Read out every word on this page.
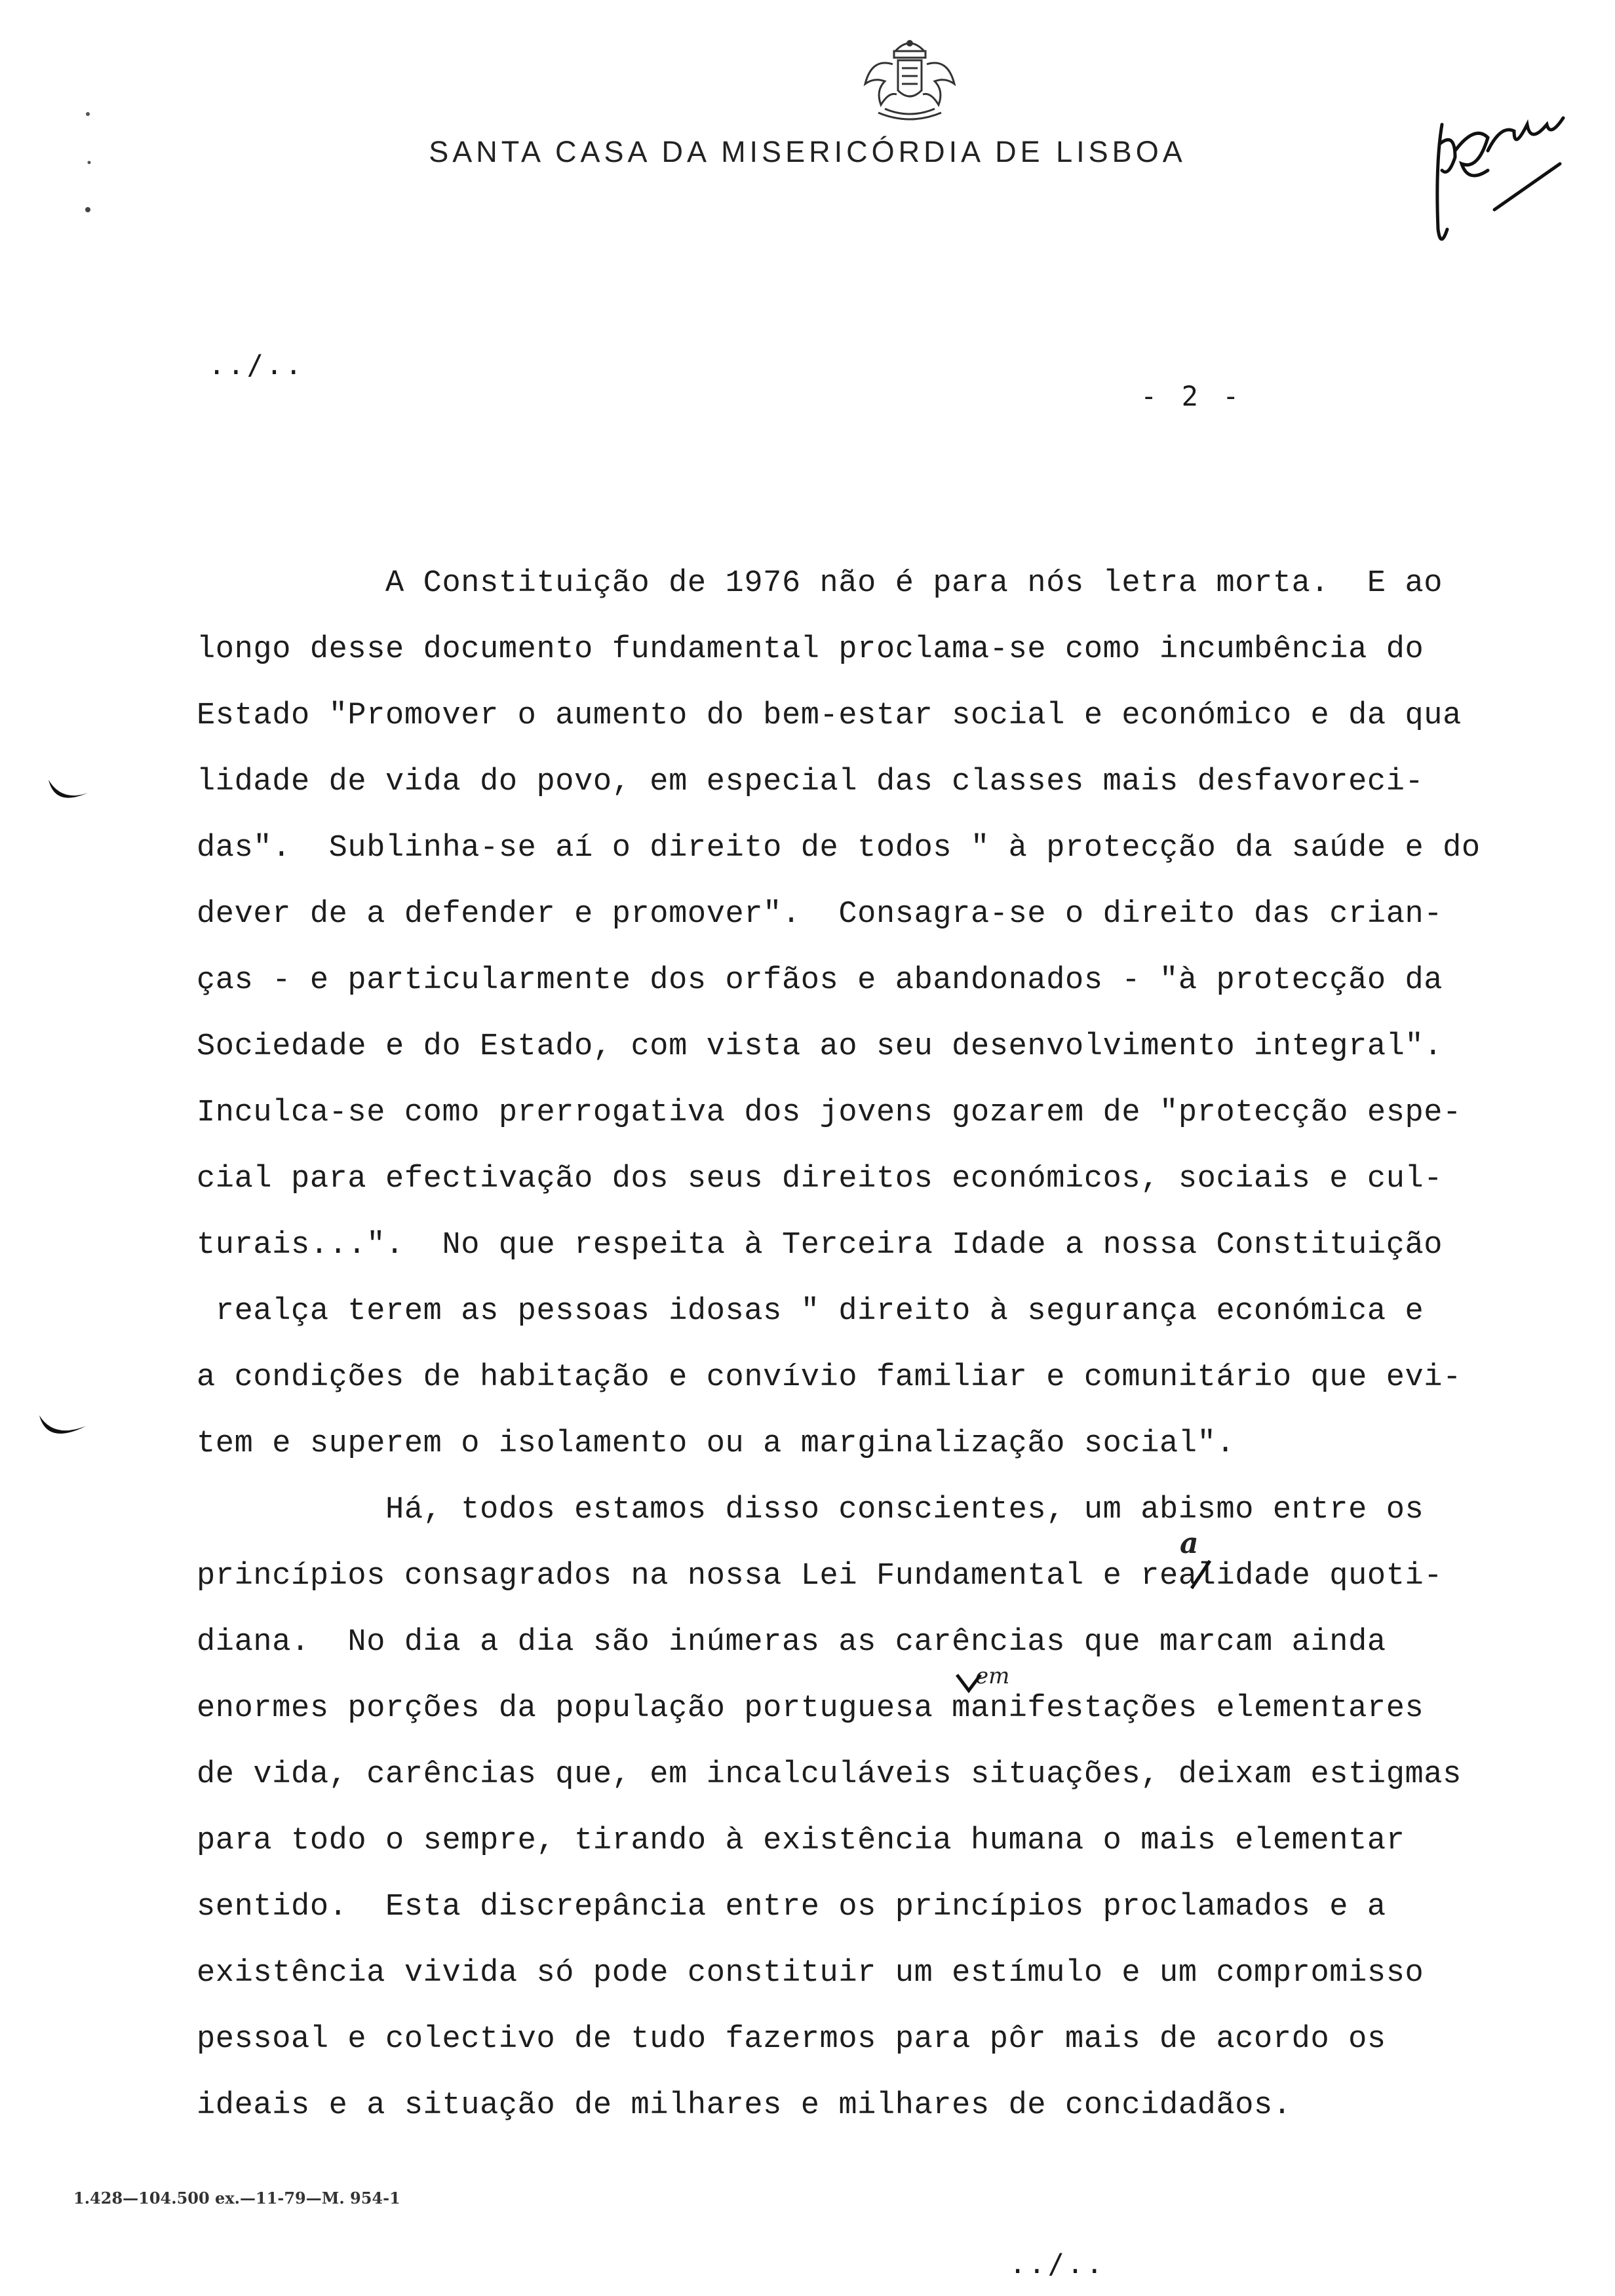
SANTA CASA DA MISERICÓRDIA DE LISBOA
../..
- 2 -
A Constituição de 1976 não é para nós letra morta.  E ao
longo desse documento fundamental proclama-se como incumbência do
Estado "Promover o aumento do bem-estar social e económico e da qua
lidade de vida do povo, em especial das classes mais desfavoreci-
das".  Sublinha-se aí o direito de todos " à protecção da saúde e do
dever de a defender e promover".  Consagra-se o direito das crian-
ças - e particularmente dos orfãos e abandonados - "à protecção da
Sociedade e do Estado, com vista ao seu desenvolvimento integral".
Inculca-se como prerrogativa dos jovens gozarem de "protecção espe-
cial para efectivação dos seus direitos económicos, sociais e cul-
turais...".  No que respeita à Terceira Idade a nossa Constituição
realça terem as pessoas idosas " direito à segurança económica e
a condições de habitação e convívio familiar e comunitário que evi-
tem e superem o isolamento ou a marginalização social".
Há, todos estamos disso conscientes, um abismo entre os
princípios consagrados na nossa Lei Fundamental e realidade quoti-
diana.  No dia a dia são inúmeras as carências que marcam ainda
enormes porções da população portuguesa manifestações elementares
de vida, carências que, em incalculáveis situações, deixam estigmas
para todo o sempre, tirando à existência humana o mais elementar
sentido.  Esta discrepância entre os princípios proclamados e a
existência vivida só pode constituir um estímulo e um compromisso
pessoal e colectivo de tudo fazermos para pôr mais de acordo os
ideais e a situação de milhares e milhares de concidadãos.
a
em
1.428—104.500 ex.—11-79—M. 954-1
../..
